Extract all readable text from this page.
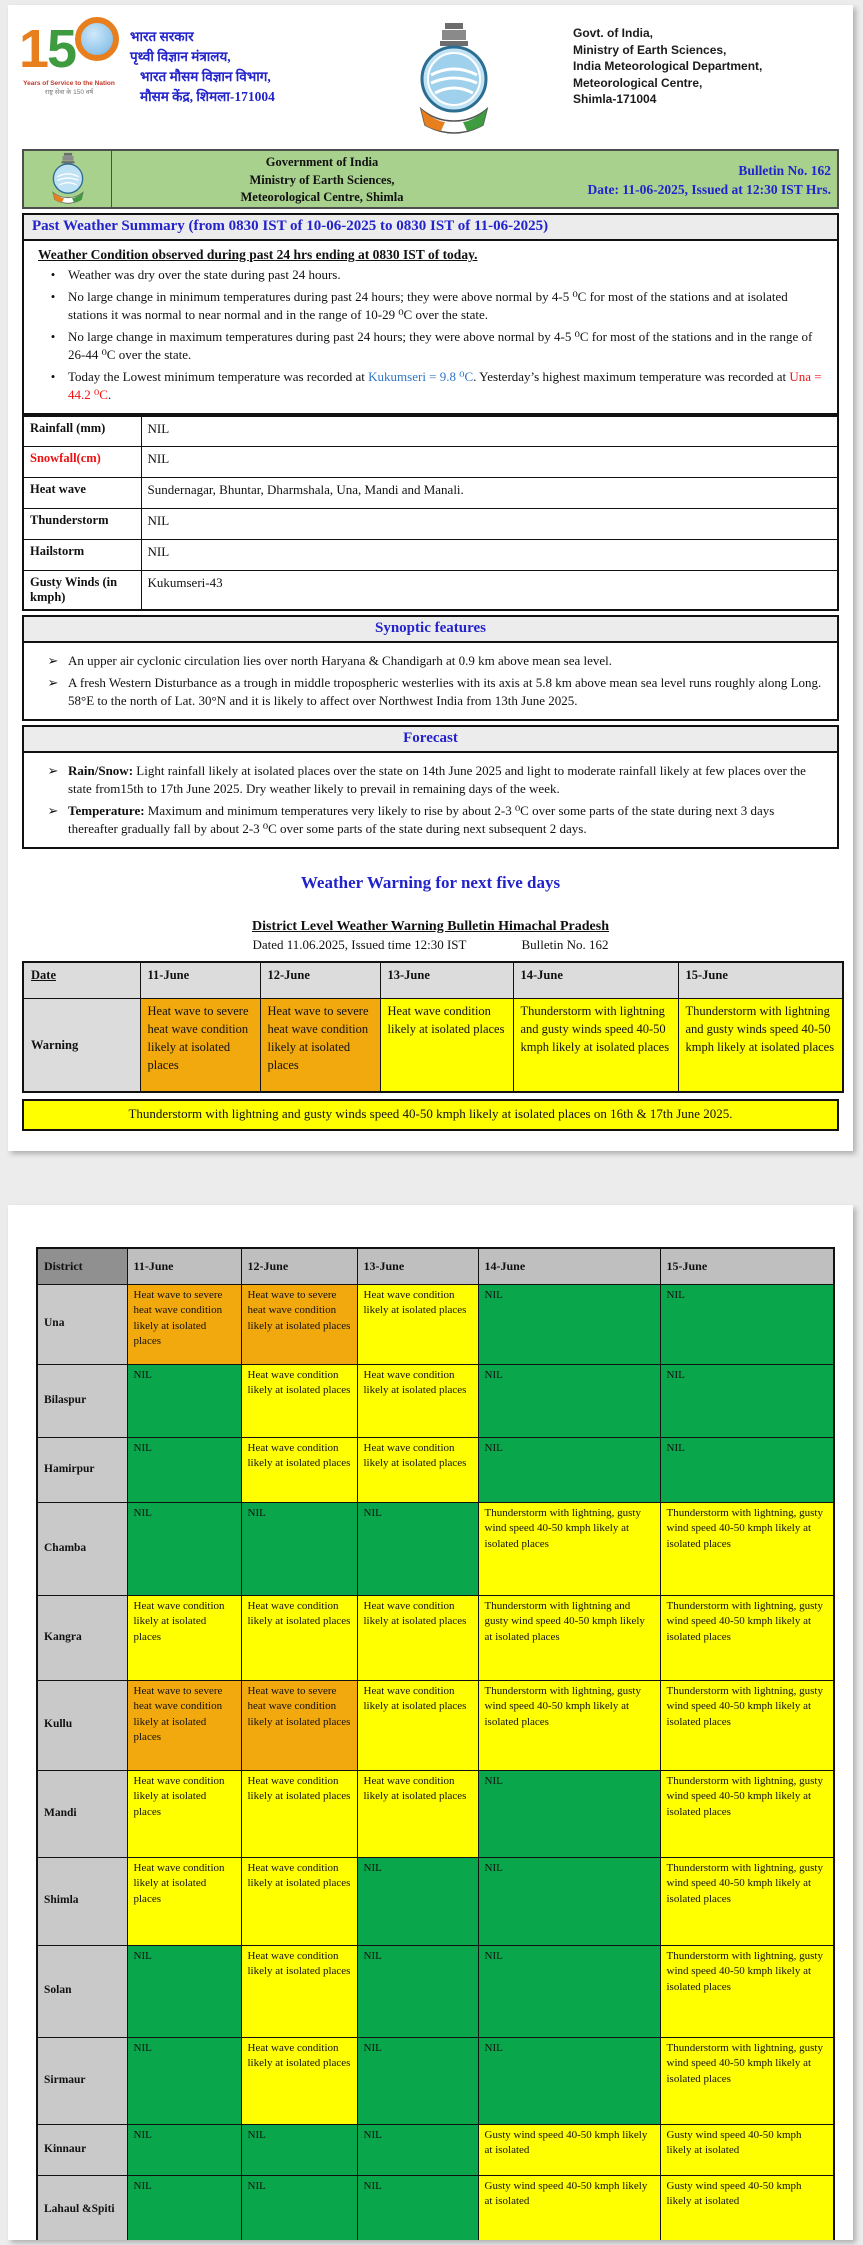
15
Years of Service to the Nation
राष्ट्र सेवा के 150 वर्ष
भारत सरकार
पृथ्वी विज्ञान मंत्रालय,
भारत मौसम विज्ञान विभाग,
मौसम केंद्र, शिमला-171004
Govt. of India,
Ministry of Earth Sciences,
India Meteorological Department,
Meteorological Centre,
Shimla-171004
Government of India
Ministry of Earth Sciences,
Meteorological Centre, Shimla
Bulletin No. 162
Date: 11-06-2025, Issued at 12:30 IST Hrs.
Past Weather Summary (from 0830 IST of 10-06-2025 to 0830 IST of 11-06-2025)
Weather Condition observed during past 24 hrs ending at 0830 IST of today.
• Weather was dry over the state during past 24 hours.
• No large change in minimum temperatures during past 24 hours; they were above normal by 4-5 ⁰C for most of the stations and at isolated stations it was normal to near normal and in the range of 10-29 ⁰C over the state.
• No large change in maximum temperatures during past 24 hours; they were above normal by 4-5 ⁰C for most of the stations and in the range of 26-44 ⁰C over the state.
• Today the Lowest minimum temperature was recorded at Kukumseri = 9.8 ⁰C. Yesterday’s highest maximum temperature was recorded at Una = 44.2 ⁰C.
Rainfall (mm)	NIL
Snowfall(cm)	NIL
Heat wave	Sundernagar, Bhuntar, Dharmshala, Una, Mandi and Manali.
Thunderstorm	NIL
Hailstorm	NIL
Gusty Winds (in kmph)	Kukumseri-43
Synoptic features
➢ An upper air cyclonic circulation lies over north Haryana & Chandigarh at 0.9 km above mean sea level.
➢ A fresh Western Disturbance as a trough in middle tropospheric westerlies with its axis at 5.8 km above mean sea level runs roughly along Long. 58°E to the north of Lat. 30°N and it is likely to affect over Northwest India from 13th June 2025.
Forecast
➢ Rain/Snow: Light rainfall likely at isolated places over the state on 14th June 2025 and light to moderate rainfall likely at few places over the state from15th to 17th June 2025. Dry weather likely to prevail in remaining days of the week.
➢ Temperature: Maximum and minimum temperatures very likely to rise by about 2-3 ⁰C over some parts of the state during next 3 days thereafter gradually fall by about 2-3 ⁰C over some parts of the state during next subsequent 2 days.
Weather Warning for next five days
District Level Weather Warning Bulletin Himachal Pradesh
Dated 11.06.2025, Issued time 12:30 IST	Bulletin No. 162
Date	11-June	12-June	13-June	14-June	15-June
Warning	Heat wave to severe heat wave condition likely at isolated places	Heat wave to severe heat wave condition likely at isolated places	Heat wave condition likely at isolated places	Thunderstorm with lightning and gusty winds speed 40-50 kmph likely at isolated places	Thunderstorm with lightning and gusty winds speed 40-50 kmph likely at isolated places
Thunderstorm with lightning and gusty winds speed 40-50 kmph likely at isolated places on 16th & 17th June 2025.
District	11-June	12-June	13-June	14-June	15-June
Una	Heat wave to severe heat wave condition likely at isolated places	Heat wave to severe heat wave condition likely at isolated places	Heat wave condition likely at isolated places	NIL	NIL
Bilaspur	NIL	Heat wave condition likely at isolated places	Heat wave condition likely at isolated places	NIL	NIL
Hamirpur	NIL	Heat wave condition likely at isolated places	Heat wave condition likely at isolated places	NIL	NIL
Chamba	NIL	NIL	NIL	Thunderstorm with lightning, gusty wind speed 40-50 kmph likely at isolated places	Thunderstorm with lightning, gusty wind speed 40-50 kmph likely at isolated places
Kangra	Heat wave condition likely at isolated places	Heat wave condition likely at isolated places	Heat wave condition likely at isolated places	Thunderstorm with lightning and gusty wind speed 40-50 kmph likely at isolated places	Thunderstorm with lightning, gusty wind speed 40-50 kmph likely at isolated places
Kullu	Heat wave to severe heat wave condition likely at isolated places	Heat wave to severe heat wave condition likely at isolated places	Heat wave condition likely at isolated places	Thunderstorm with lightning, gusty wind speed 40-50 kmph likely at isolated places	Thunderstorm with lightning, gusty wind speed 40-50 kmph likely at isolated places
Mandi	Heat wave condition likely at isolated places	Heat wave condition likely at isolated places	Heat wave condition likely at isolated places	NIL	Thunderstorm with lightning, gusty wind speed 40-50 kmph likely at isolated places
Shimla	Heat wave condition likely at isolated places	Heat wave condition likely at isolated places	NIL	NIL	Thunderstorm with lightning, gusty wind speed 40-50 kmph likely at isolated places
Solan	NIL	Heat wave condition likely at isolated places	NIL	NIL	Thunderstorm with lightning, gusty wind speed 40-50 kmph likely at isolated places
Sirmaur	NIL	Heat wave condition likely at isolated places	NIL	NIL	Thunderstorm with lightning, gusty wind speed 40-50 kmph likely at isolated places
Kinnaur	NIL	NIL	NIL	Gusty wind speed 40-50 kmph likely at isolated	Gusty wind speed 40-50 kmph likely at isolated
Lahaul &Spiti	NIL	NIL	NIL	Gusty wind speed 40-50 kmph likely at isolated	Gusty wind speed 40-50 kmph likely at isolated
